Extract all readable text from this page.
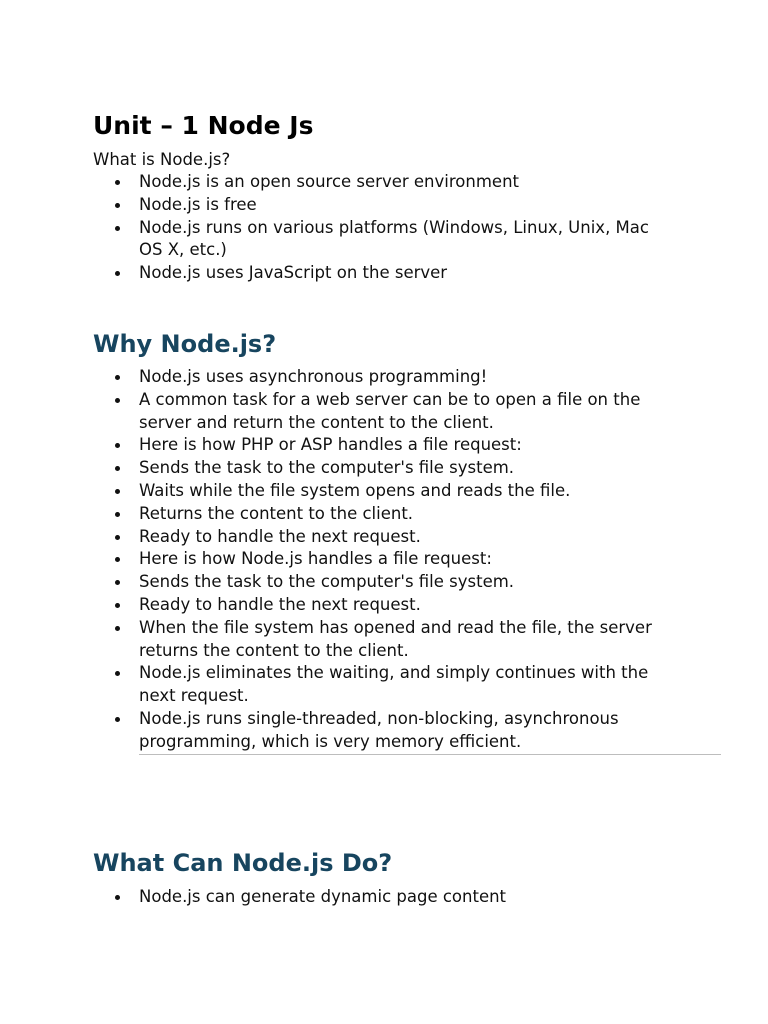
Unit – 1 Node Js

What is Node.js?

Node.js is an open source server environment
Node.js is free
Node.js runs on various platforms (Windows, Linux, Unix, Mac OS X, etc.)
Node.js uses JavaScript on the server
Why Node.js?
Node.js uses asynchronous programming!
A common task for a web server can be to open a file on the server and return the content to the client.
Here is how PHP or ASP handles a file request:
Sends the task to the computer's file system.
Waits while the file system opens and reads the file.
Returns the content to the client.
Ready to handle the next request.
Here is how Node.js handles a file request:
Sends the task to the computer's file system.
Ready to handle the next request.
When the file system has opened and read the file, the server returns the content to the client.
Node.js eliminates the waiting, and simply continues with the next request.
Node.js runs single-threaded, non-blocking, asynchronous programming, which is very memory efficient.
What Can Node.js Do?
Node.js can generate dynamic page content
